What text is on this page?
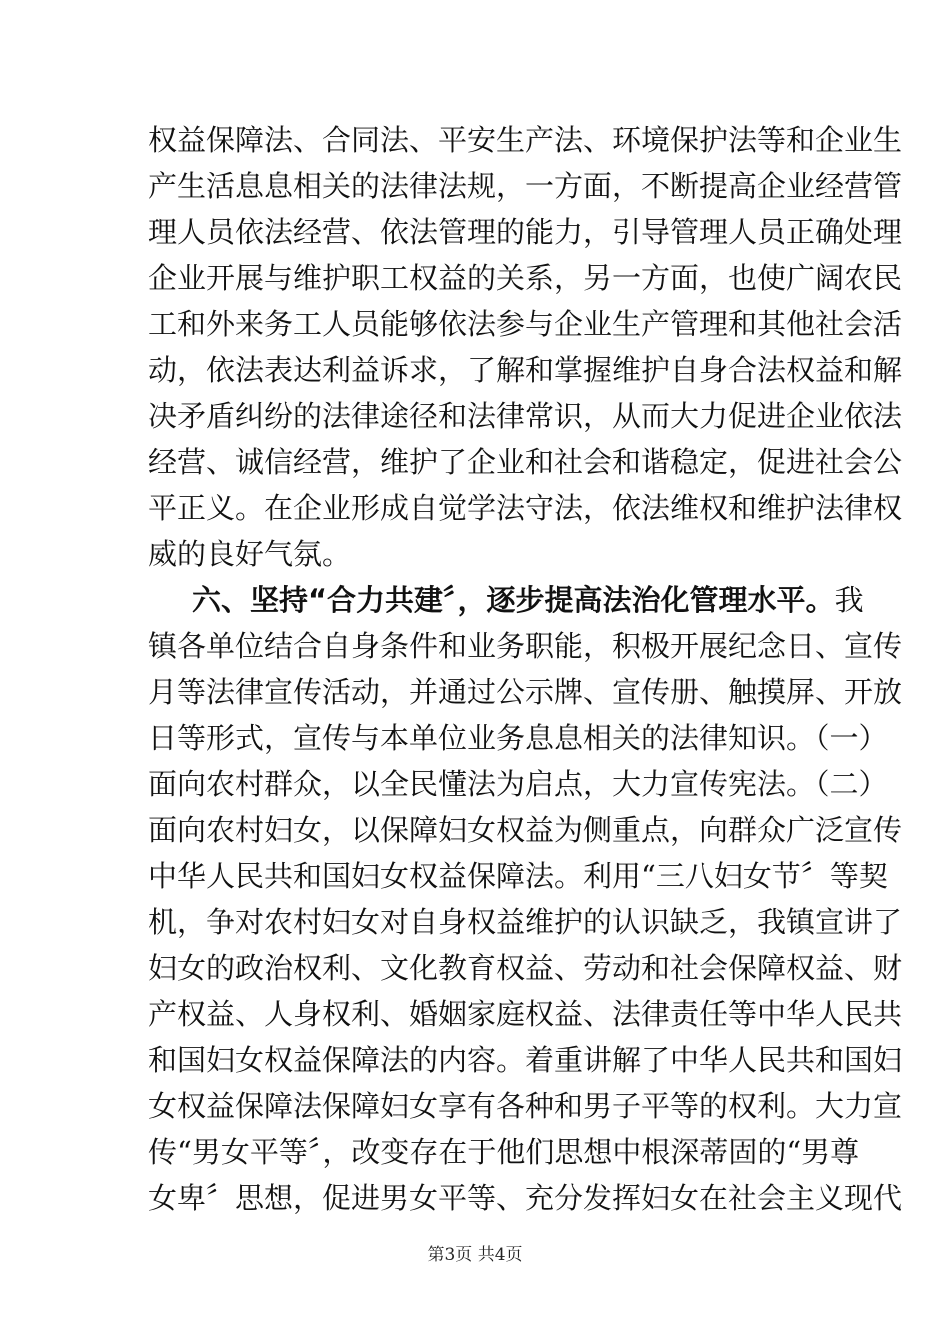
权益保障法、合同法、平安生产法、环境保护法等和企业生
产生活息息相关的法律法规，一方面，不断提高企业经营管
理人员依法经营、依法管理的能力，引导管理人员正确处理
企业开展与维护职工权益的关系，另一方面，也使广阔农民
工和外来务工人员能够依法参与企业生产管理和其他社会活
动，依法表达利益诉求，了解和掌握维护自身合法权益和解
决矛盾纠纷的法律途径和法律常识，从而大力促进企业依法
经营、诚信经营，维护了企业和社会和谐稳定，促进社会公
平正义。在企业形成自觉学法守法，依法维权和维护法律权
威的良好气氛。
六、坚持“合力共建〞，逐步提高法治化管理水平。我
镇各单位结合自身条件和业务职能，积极开展纪念日、宣传
月等法律宣传活动，并通过公示牌、宣传册、触摸屏、开放
日等形式，宣传与本单位业务息息相关的法律知识。（一）
面向农村群众，以全民懂法为启点，大力宣传宪法。（二）
面向农村妇女，以保障妇女权益为侧重点，向群众广泛宣传
中华人民共和国妇女权益保障法。利用“三八妇女节〞等契
机，争对农村妇女对自身权益维护的认识缺乏，我镇宣讲了
妇女的政治权利、文化教育权益、劳动和社会保障权益、财
产权益、人身权利、婚姻家庭权益、法律责任等中华人民共
和国妇女权益保障法的内容。着重讲解了中华人民共和国妇
女权益保障法保障妇女享有各种和男子平等的权利。大力宣
传“男女平等〞，改变存在于他们思想中根深蒂固的“男尊
女卑〞思想，促进男女平等、充分发挥妇女在社会主义现代
第3页 共4页
